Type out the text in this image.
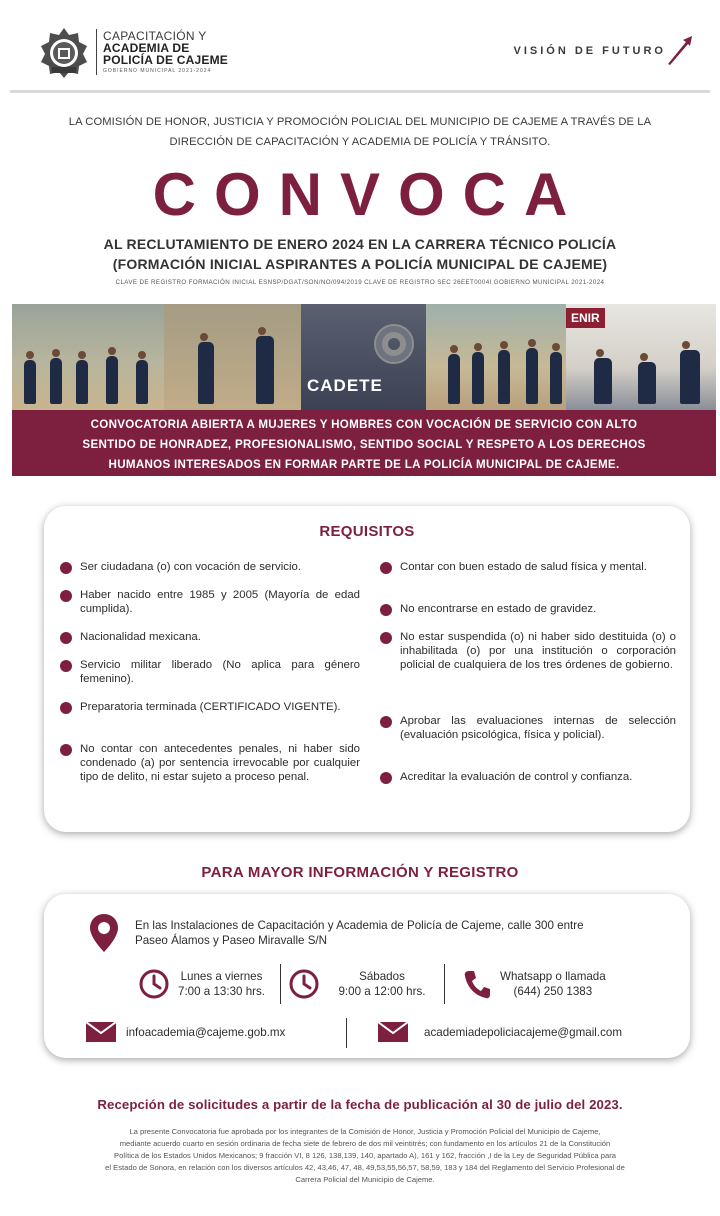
CAPACITACIÓN Y
ACADEMIA DE
POLICÍA DE CAJEME
GOBIERNO MUNICIPAL 2021-2024
VISIÓN DE FUTURO
LA COMISIÓN DE HONOR, JUSTICIA Y PROMOCIÓN POLICIAL DEL MUNICIPIO DE CAJEME A TRAVÉS DE LA
DIRECCIÓN DE CAPACITACIÓN Y ACADEMIA DE POLICÍA Y TRÁNSITO.
CONVOCA
AL RECLUTAMIENTO DE ENERO 2024 EN LA CARRERA TÉCNICO POLICÍA
(FORMACIÓN INICIAL ASPIRANTES A POLICÍA MUNICIPAL DE CAJEME)
CLAVE DE REGISTRO FORMACIÓN INICIAL ESNSP/DGAT/SON/NO/094/2019 CLAVE DE REGISTRO SEC 26EET0004I GOBIERNO MUNICIPAL 2021-2024
CADETE
ENIR
CONVOCATORIA ABIERTA A MUJERES Y HOMBRES CON VOCACIÓN DE SERVICIO CON ALTO
SENTIDO DE HONRADEZ, PROFESIONALISMO, SENTIDO SOCIAL Y RESPETO A LOS DERECHOS
HUMANOS INTERESADOS EN FORMAR PARTE DE LA POLICÍA MUNICIPAL DE CAJEME.
REQUISITOS
Ser ciudadana (o) con vocación de servicio.
Haber nacido entre 1985 y 2005 (Mayoría de edad cumplida).
Nacionalidad mexicana.
Servicio militar liberado (No aplica para género femenino).
Preparatoria terminada (CERTIFICADO VIGENTE).
No contar con antecedentes penales, ni haber sido condenado (a) por sentencia irrevocable por cualquier tipo de delito, ni estar sujeto a proceso penal.
Contar con buen estado de salud física y mental.
No encontrarse en estado de gravidez.
No estar suspendida (o) ni haber sido destituida (o) o inhabilitada (o) por una institución o corporación policial de cualquiera de los tres órdenes de gobierno.
Aprobar las evaluaciones internas de selección (evaluación psicológica, física y policial).
Acreditar la evaluación de control y confianza.
PARA MAYOR INFORMACIÓN Y REGISTRO
En las Instalaciones de Capacitación y Academia de Policía de Cajeme, calle 300 entre
Paseo Álamos y Paseo Miravalle S/N
Lunes a viernes
7:00 a 13:30 hrs.
Sábados
9:00 a 12:00 hrs.
Whatsapp o llamada
(644) 250 1383
infoacademia@cajeme.gob.mx	academiadepoliciacajeme@gmail.com
Recepción de solicitudes a partir de la fecha de publicación al 30 de julio del 2023.
La presente Convocatoria fue aprobada por los integrantes de la Comisión de Honor, Justicia y Promoción Policial del Municipio de Cajeme,
mediante acuerdo cuarto en sesión ordinaria de fecha siete de febrero de dos mil veintitrés; con fundamento en los artículos 21 de la Constitución
Política de los Estados Unidos Mexicanos; 9 fracción VI, 8 126, 138,139, 140, apartado A), 161 y 162, fracción ,I de la Ley de Seguridad Pública para
el Estado de Sonora, en relación con los diversos artículos 42, 43,46, 47, 48, 49,53,55,56,57, 58,59, 183 y 184 del Reglamento del Servicio Profesional de
Carrera Policial del Municipio de Cajeme.
